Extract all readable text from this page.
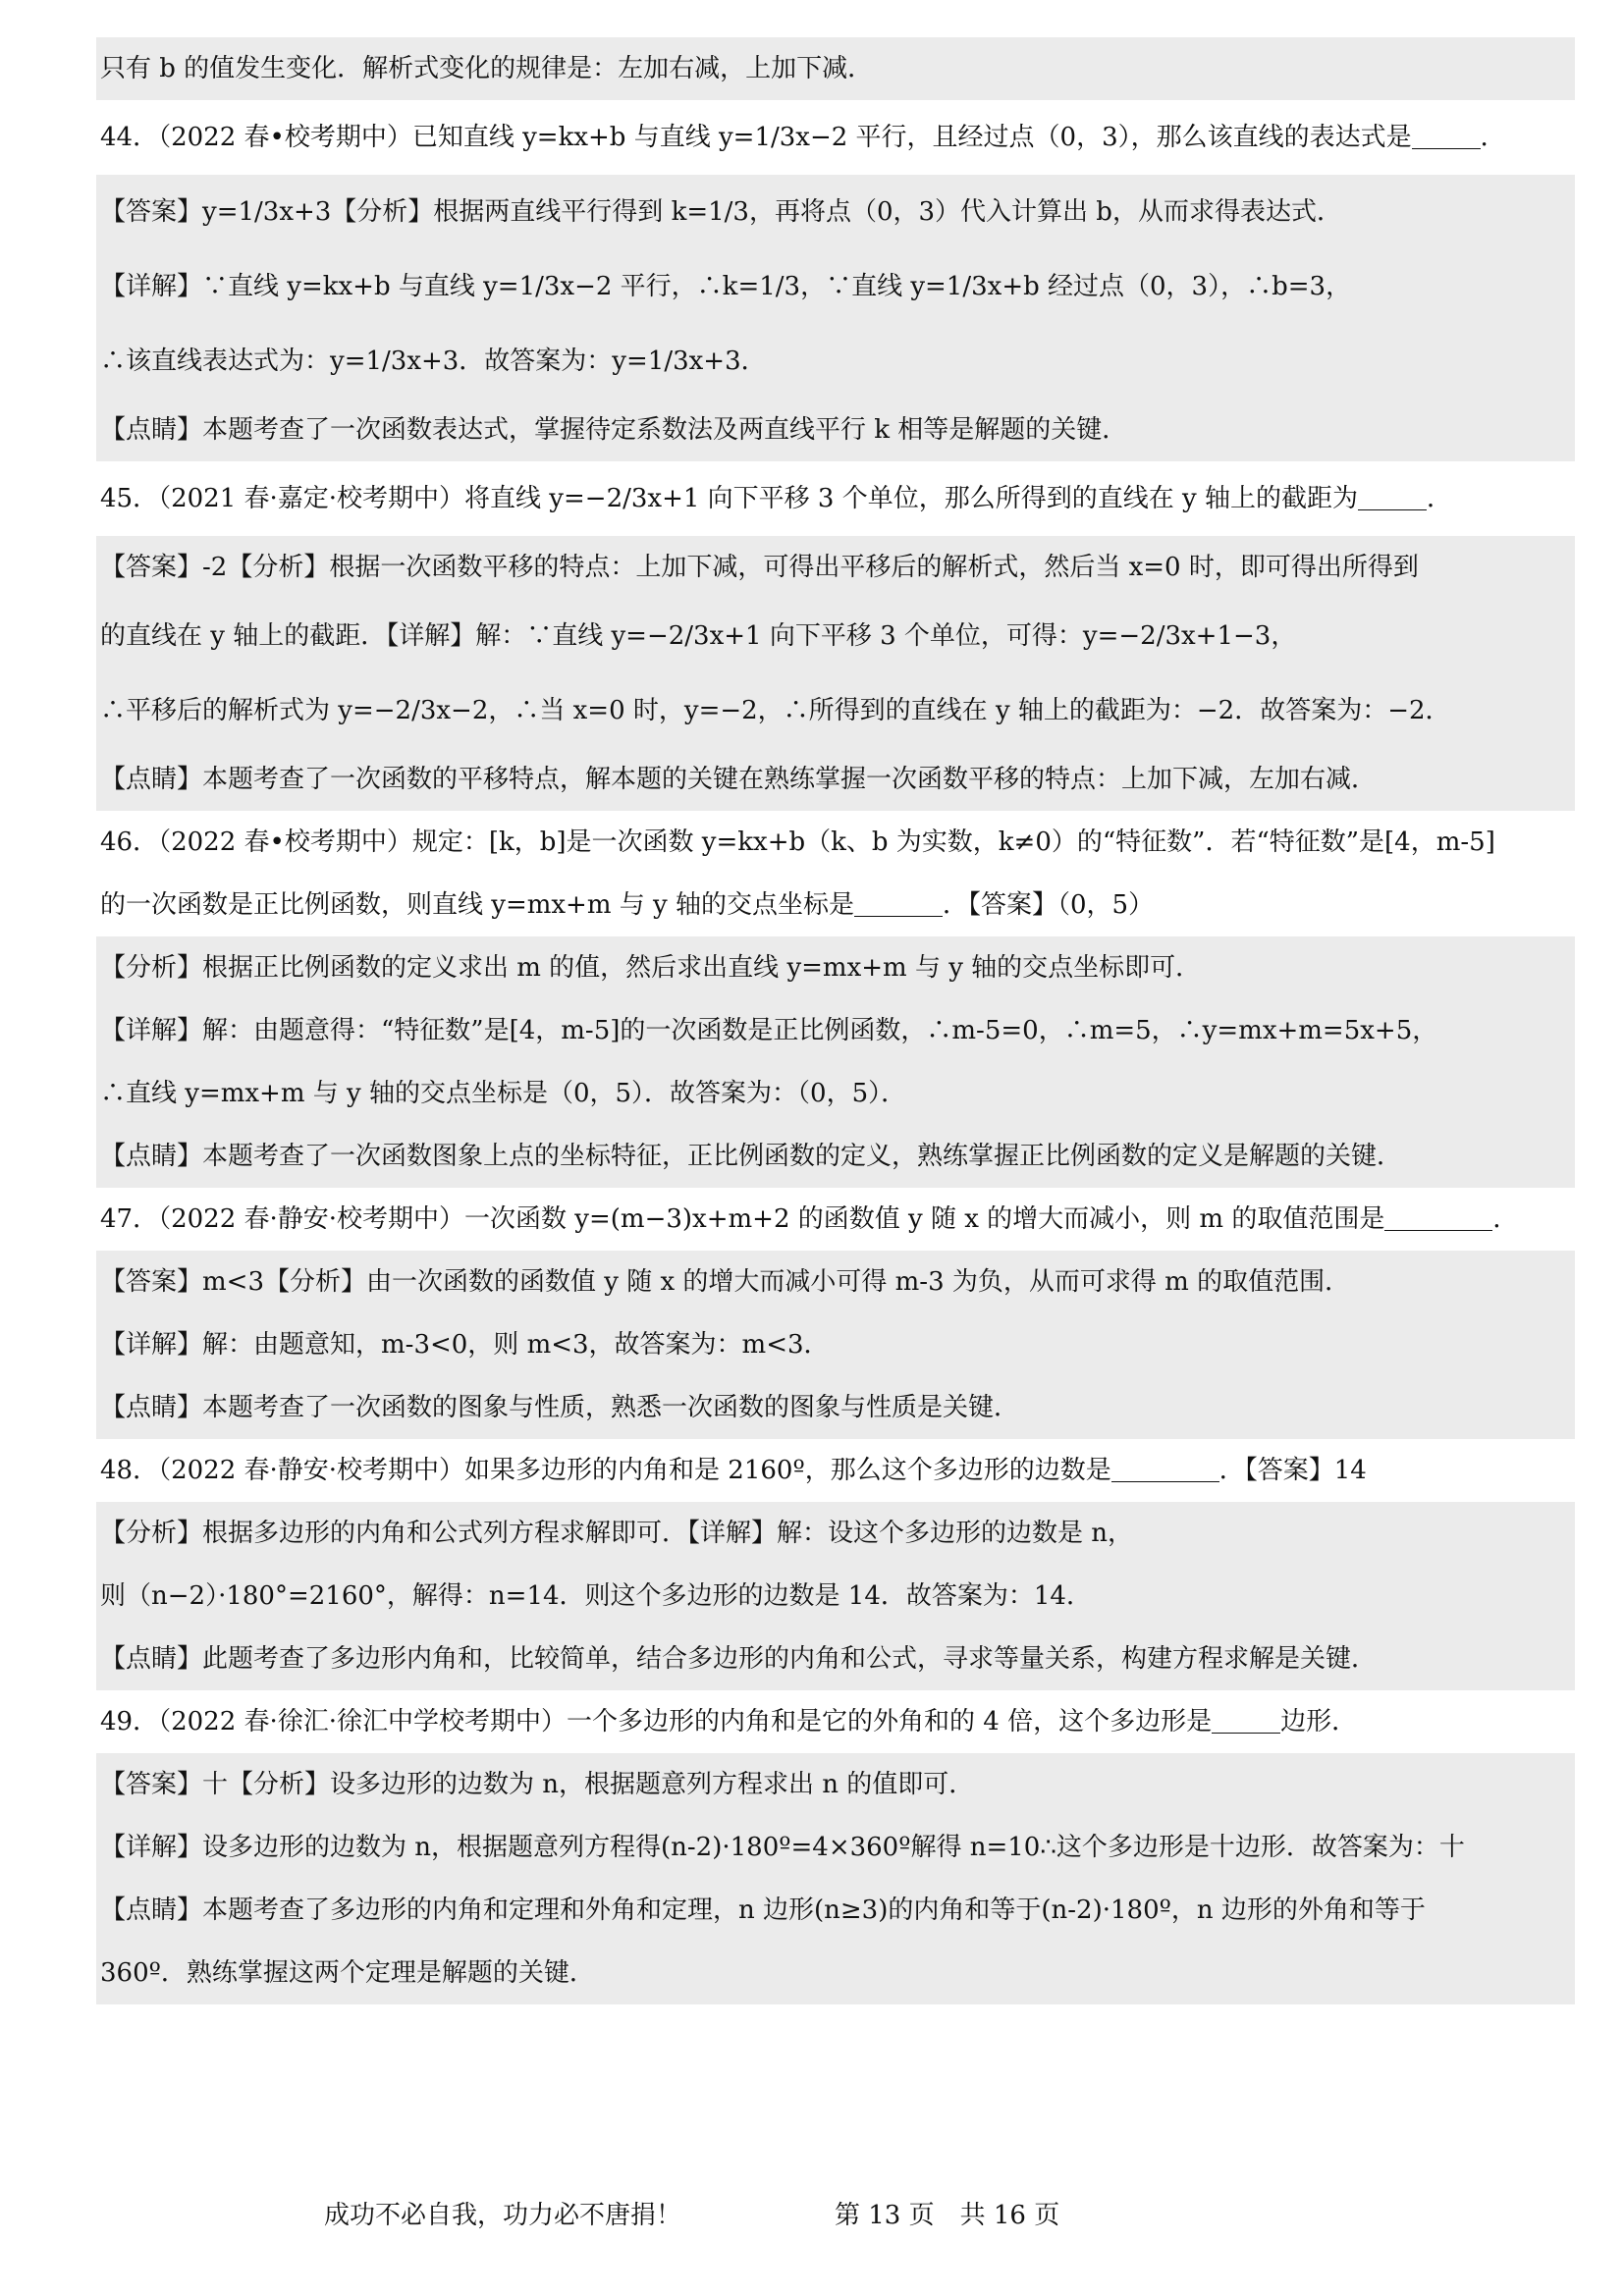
只有 b 的值发生变化．解析式变化的规律是：左加右减，上加下减．
44．（2022 春•校考期中）已知直线 y=kx+b 与直线 y=1/3x−2 平行，且经过点（0，3），那么该直线的表达式是	．
【答案】y=1/3x+3【分析】根据两直线平行得到 k=1/3，再将点（0，3）代入计算出 b，从而求得表达式．
【详解】∵直线 y=kx+b 与直线 y=1/3x−2 平行，∴k=1/3，∵直线 y=1/3x+b 经过点（0，3），∴b=3，
∴该直线表达式为：y=1/3x+3．故答案为：y=1/3x+3．
【点睛】本题考查了一次函数表达式，掌握待定系数法及两直线平行 k 相等是解题的关键．
45．（2021 春·嘉定·校考期中）将直线 y=−2/3x+1 向下平移 3 个单位，那么所得到的直线在 y 轴上的截距为	．
【答案】-2【分析】根据一次函数平移的特点：上加下减，可得出平移后的解析式，然后当 x=0 时，即可得出所得到
的直线在 y 轴上的截距．【详解】解：∵直线 y=−2/3x+1 向下平移 3 个单位，可得：y=−2/3x+1−3，
∴平移后的解析式为 y=−2/3x−2，∴当 x=0 时，y=−2，∴所得到的直线在 y 轴上的截距为：−2．故答案为：−2．
【点睛】本题考查了一次函数的平移特点，解本题的关键在熟练掌握一次函数平移的特点：上加下减，左加右减．
46．（2022 春•校考期中）规定：[k，b]是一次函数 y=kx+b（k、b 为实数，k≠0）的“特征数”．若“特征数”是[4，m-5]
的一次函数是正比例函数，则直线 y=mx+m 与 y 轴的交点坐标是	．【答案】（0，5）
【分析】根据正比例函数的定义求出 m 的值，然后求出直线 y=mx+m 与 y 轴的交点坐标即可．
【详解】解：由题意得：“特征数”是[4，m-5]的一次函数是正比例函数，∴m-5=0，∴m=5，∴y=mx+m=5x+5，
∴直线 y=mx+m 与 y 轴的交点坐标是（0，5）．故答案为：（0，5）．
【点睛】本题考查了一次函数图象上点的坐标特征，正比例函数的定义，熟练掌握正比例函数的定义是解题的关键．
47．（2022 春·静安·校考期中）一次函数 y=(m−3)x+m+2 的函数值 y 随 x 的增大而减小，则 m 的取值范围是	．
【答案】m<3【分析】由一次函数的函数值 y 随 x 的增大而减小可得 m-3 为负，从而可求得 m 的取值范围．
【详解】解：由题意知，m-3<0，则 m<3，故答案为：m<3．
【点睛】本题考查了一次函数的图象与性质，熟悉一次函数的图象与性质是关键．
48．（2022 春·静安·校考期中）如果多边形的内角和是 2160º，那么这个多边形的边数是	．【答案】14
【分析】根据多边形的内角和公式列方程求解即可．【详解】解：设这个多边形的边数是 n，
则（n−2）·180°=2160°，解得：n=14．则这个多边形的边数是 14．故答案为：14．
【点睛】此题考查了多边形内角和，比较简单，结合多边形的内角和公式，寻求等量关系，构建方程求解是关键．
49．（2022 春·徐汇·徐汇中学校考期中）一个多边形的内角和是它的外角和的 4 倍，这个多边形是	边形．
【答案】十【分析】设多边形的边数为 n，根据题意列方程求出 n 的值即可．
【详解】设多边形的边数为 n，根据题意列方程得(n-2)·180º=4×360º解得 n=10∴这个多边形是十边形．故答案为：十
【点睛】本题考查了多边形的内角和定理和外角和定理，n 边形(n≥3)的内角和等于(n-2)·180º，n 边形的外角和等于
360º．熟练掌握这两个定理是解题的关键．
成功不必自我，功力必不唐捐！	第 13 页　共 16 页
